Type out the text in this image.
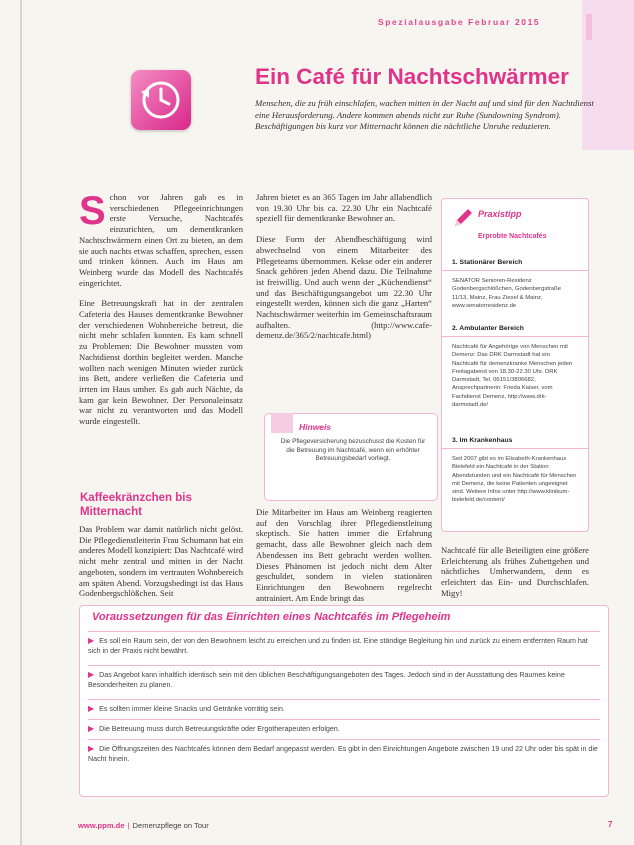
Spezialausgabe Februar 2015
Ein Café für Nachtschwärmer
Menschen, die zu früh einschlafen, wachen mitten in der Nacht auf und sind für den Nachtdienst eine Herausforderung. Andere kommen abends nicht zur Ruhe (Sundowning Syndrom). Beschäftigungen bis kurz vor Mitternacht können die nächtliche Unruhe reduzieren.
S chon vor Jahren gab es in verschiedenen Pflegeeinrichtungen erste Versuche, Nachtcafés einzurichten, um dementkranken Nachtschwärmern einen Ort zu bieten, an dem sie auch nachts etwas schaffen, sprechen, essen und trinken können. Auch im Haus am Weinberg wurde das Modell des Nachtcafés eingerichtet.

Eine Betreuungskraft hat in der zentralen Cafeteria des Hauses dementkranke Bewohner der verschiedenen Wohnbereiche betreut, die nicht mehr schlafen konnten. Es kam schnell zu Problemen: Die Bewohner mussten vom Nachtdienst dorthin begleitet werden. Manche wollten nach wenigen Minuten wieder zurück ins Bett, andere verließen die Cafeteria und irrten im Haus umher. Es gab auch Nächte, da kam gar kein Bewohner. Der Personaleinsatz war nicht zu verantworten und das Modell wurde eingestellt.

Kaffeekränzchen bis Mitternacht

Das Problem war damit natürlich nicht gelöst. Die Pflegedienstleiterin Frau Schumann hat ein anderes Modell konzipiert: Das Nachtcafé wird nicht mehr zentral und mitten in der Nacht angeboten, sondern im vertrauten Wohnbereich am späten Abend. Vorzugsbedingt ist das Haus Godenbergschlößchen. Seit

Jahren bietet es an 365 Tagen im Jahr allabendlich von 19.30 Uhr bis ca. 22.30 Uhr ein Nachtcafé speziell für dementkranke Bewohner an.

Diese Form der Abendbeschäftigung wird abwechselnd von einem Mitarbeiter des Pflegeteams übernommen. Kekse oder ein anderer Snack gehören jeden Abend dazu. Die Teilnahme ist freiwillig. Und auch wenn der „Küchendienst“ und das Beschäftigungsangebot um 22.30 Uhr eingestellt werden, können sich die ganz „Harten“ Nachtschwärmer weiterhin im Gemeinschaftsraum aufhalten. (http://www.cafe-demenz.de/365/2/nachtcafe.html)

Hinweis
Die Pflegeversicherung bezuschusst die Kosten für die Betreuung im Nachtcafé, wenn ein erhöhter Betreuungsbedarf vorliegt.

Die Mitarbeiter im Haus am Weinberg reagierten auf den Vorschlag ihrer Pflegedienstleitung skeptisch. Sie hatten immer die Erfahrung gemacht, dass alle Bewohner gleich nach dem Abendessen ins Bett gebracht werden wollten. Dieses Phänomen ist jedoch nicht dem Alter geschuldet, sondern in vielen stationären Einrichtungen den Bewohnern regelrecht antrainiert. Am Ende bringt das

Praxistipp
Erprobte Nachtcafés
1. Stationärer Bereich

SENATOR Senioren-Residenz Godenbergschlößchen, Godenbergstraße 11/13, Mainz, Frau Ziesel & Mainz, www.senatorresidenz.de

2. Ambulanter Bereich

Nachtcafé für Angehörige von Menschen mit Demenz: Das DRK Darmstadt hat ein Nachtcafé für demenzkranke Menschen jeden Freitagabend von 18.30-22.30 Uhr. DRK Darmstadt, Tel. 06151/3806682, Ansprechpartnerin: Frieda Kaiser, vom Fachdienst Demenz, http://www.drk-darmstadt.de/

3. Im Krankenhaus

Seit 2007 gibt es im Elisabeth-Krankenhaus Bielefeld ein Nachtcafé in der Station Abendstunden und ein Nachtcafé für Menschen mit Demenz, die keine Patienten ungeeignet sind. Weitere Infos unter http://www.klinikum-bielefeld.de/content/

Nachtcafé für alle Beteiligten eine größere Erleichterung als frühes Zubettgehen und nächtliches Umherwandern, denn es erleichtert das Ein- und Durchschlafen. Migy!

Voraussetzungen für das Einrichten eines Nachtcafés im Pflegeheim
▶ Es soll ein Raum sein, der von den Bewohnern leicht zu erreichen und zu finden ist. Eine ständige Begleitung hin und zurück zu einem entfernten Raum hat sich in der Praxis nicht bewährt.
▶ Das Angebot kann inhaltlich identisch sein mit den üblichen Beschäftigungsangeboten des Tages. Jedoch sind in der Ausstattung des Raumes keine Besonderheiten zu planen.
▶ Es sollten immer kleine Snacks und Getränke vorrätig sein.
▶ Die Betreuung muss durch Betreuungskräfte oder Ergotherapeuten erfolgen.
▶ Die Öffnungszeiten des Nachtcafés können dem Bedarf angepasst werden. Es gibt in den Einrichtungen Angebote zwischen 19 und 22 Uhr oder bis spät in die Nacht hinein.
www.ppm.de | Demenzpflege on Tour	7
